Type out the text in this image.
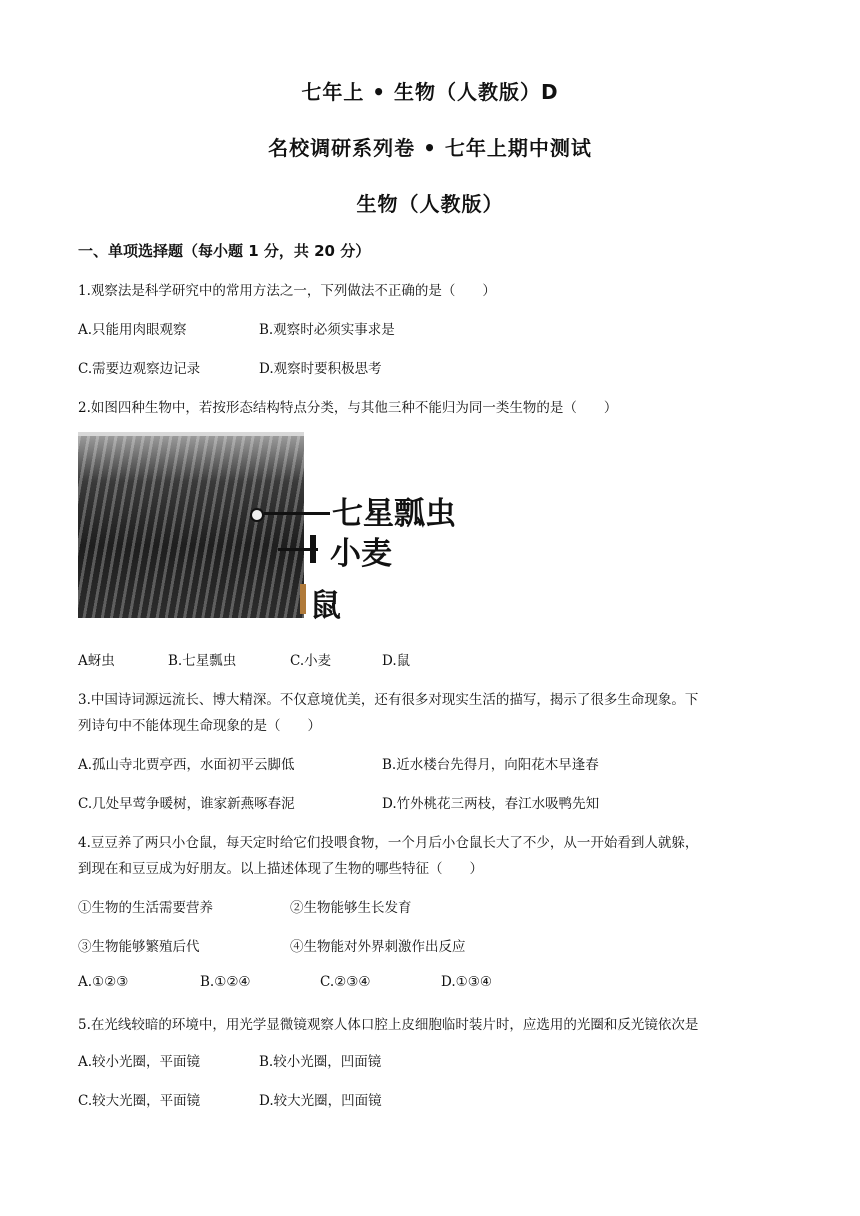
七年上 • 生物（人教版）D
名校调研系列卷 • 七年上期中测试
生物（人教版）
一、单项选择题（每小题 1 分，共 20 分）
1.观察法是科学研究中的常用方法之一，下列做法不正确的是（　　）
A.只能用肉眼观察	B.观察时必须实事求是
C.需要边观察边记录	D.观察时要积极思考
2.如图四种生物中，若按形态结构特点分类，与其他三种不能归为同一类生物的是（　　）
七星瓢虫
小麦
鼠
A蚜虫	B.七星瓢虫	C.小麦	D.鼠
3.中国诗词源远流长、博大精深。不仅意境优美，还有很多对现实生活的描写，揭示了很多生命现象。下
列诗句中不能体现生命现象的是（　　）
A.孤山寺北贾亭西，水面初平云脚低	B.近水楼台先得月，向阳花木早逢春
C.几处早莺争暖树，谁家新燕啄春泥	D.竹外桃花三两枝，春江水吸鸭先知
4.豆豆养了两只小仓鼠，每天定时给它们投喂食物，一个月后小仓鼠长大了不少，从一开始看到人就躲，
到现在和豆豆成为好朋友。以上描述体现了生物的哪些特征（　　）
①生物的生活需要营养	②生物能够生长发育
③生物能够繁殖后代	④生物能对外界刺激作出反应
A.①②③	B.①②④	C.②③④	D.①③④
5.在光线较暗的环境中，用光学显微镜观察人体口腔上皮细胞临时装片时，应选用的光圈和反光镜依次是
A.较小光圈，平面镜	B.较小光圈，凹面镜
C.较大光圈，平面镜	D.较大光圈，凹面镜
